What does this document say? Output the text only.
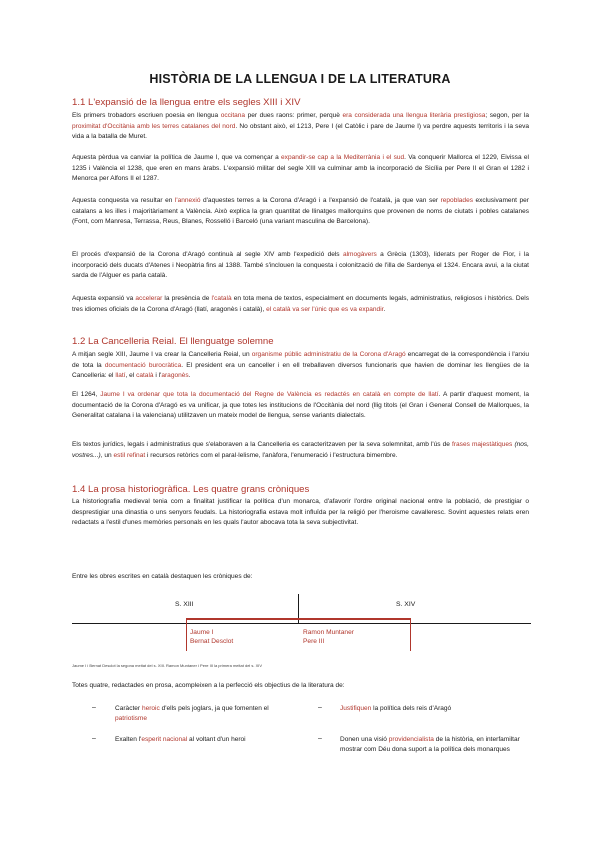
HISTÒRIA DE LA LLENGUA I DE LA LITERATURA
1.1 L'expansió de la llengua entre els segles XIII i XIV

Els primers trobadors escriuen poesia en llengua occitana per dues raons: primer, perquè era considerada una llengua literària prestigiosa; segon, per la proximitat d'Occitània amb les terres catalanes del nord. No obstant això, el 1213, Pere I (el Catòlic i pare de Jaume I) va perdre aquests territoris i la seva vida a la batalla de Muret.

Aquesta pèrdua va canviar la política de Jaume I, que va començar a expandir-se cap a la Mediterrània i el sud. Va conquerir Mallorca el 1229, Eivissa el 1235 i València el 1238, que eren en mans àrabs. L'expansió militar del segle XIII va culminar amb la incorporació de Sicília per Pere II el Gran el 1282 i Menorca per Alfons II el 1287.

Aquesta conquesta va resultar en l'annexió d'aquestes terres a la Corona d'Aragó i a l'expansió de l'català, ja que van ser repoblades exclusivament per catalans a les illes i majoritàriament a València. Això explica la gran quantitat de llinatges mallorquins que provenen de noms de ciutats i pobles catalanes (Font, com Manresa, Terrassa, Reus, Blanes, Rosselló i Barceló (una variant masculina de Barcelona).

El procés d'expansió de la Corona d'Aragó continuà al segle XIV amb l'expedició dels almogàvers a Grècia (1303), liderats per Roger de Flor, i la incorporació dels ducats d'Atenes i Neopàtria fins al 1388. També s'inclouen la conquesta i colonització de l'illa de Sardenya el 1324. Encara avui, a la ciutat sarda de l'Alguer es parla català.

Aquesta expansió va accelerar la presència de l'català en tota mena de textos, especialment en documents legals, administratius, religiosos i històrics. Dels tres idiomes oficials de la Corona d'Aragó (llatí, aragonès i català), el català va ser l'únic que es va expandir.

1.2 La Cancelleria Reial. El llenguatge solemne

A mitjan segle XIII, Jaume I va crear la Cancelleria Reial, un organisme públic administratiu de la Corona d'Aragó encarregat de la correspondència i l'arxiu de tota la documentació burocràtica. El president era un canceller i en ell treballaven diversos funcionaris que havien de dominar les llengües de la Cancelleria: el llatí, el català i l'aragonès.

El 1264, Jaume I va ordenar que tota la documentació del Regne de València es redactés en català en compte de llatí. A partir d'aquest moment, la documentació de la Corona d'Aragó es va unificar, ja que totes les institucions de l'Occitània del nord (llig titols (el Gran i General Consell de Mallorques, la Generalitat catalana i la valenciana) utilitzaven un mateix model de llengua, sense variants dialectals.

Els textos jurídics, legals i administratius que s'elaboraven a la Cancelleria es caracteritzaven per la seva solemnitat, amb l'ús de frases majestàtiques (nos, vostres...), un estil refinat i recursos retòrics com el paral·lelisme, l'anàfora, l'enumeració i l'estructura bimembre.

1.4 La prosa historiogràfica. Les quatre grans cròniques

La historiografia medieval tenia com a finalitat justificar la política d'un monarca, d'afavorir l'ordre original nacional entre la població, de prestigiar o desprestigiar una dinastia o uns senyors feudals. La historiografia estava molt influïda per la religió per l'heroisme cavalleresc. Sovint aquestes relats eren redactats a l'estil d'unes memòries personals en les quals l'autor abocava tota la seva subjectivitat.

Entre les obres escrites en català destaquen les cròniques de:

S. XIII	S. XIV
Jaume I
Bernat Desclot
Ramon Muntaner
Pere III
Jaume I i Bernat Desclot la segona meitat del s. XIII. Ramon Muntaner i Pere III la primera meitat del s. XIV

Totes quatre, redactades en prosa, acompleixen a la perfecció els objectius de la literatura de:

–	Caràcter heroic d'ells pels joglars, ja que fomenten el patriotisme
–	Justifiquen la política dels reis d'Aragó
–	Exalten l'esperit nacional al voltant d'un heroi	–	Donen una visió providencialista de la història, en interfamiltar mostrar com Déu dona suport a la política dels monarques
